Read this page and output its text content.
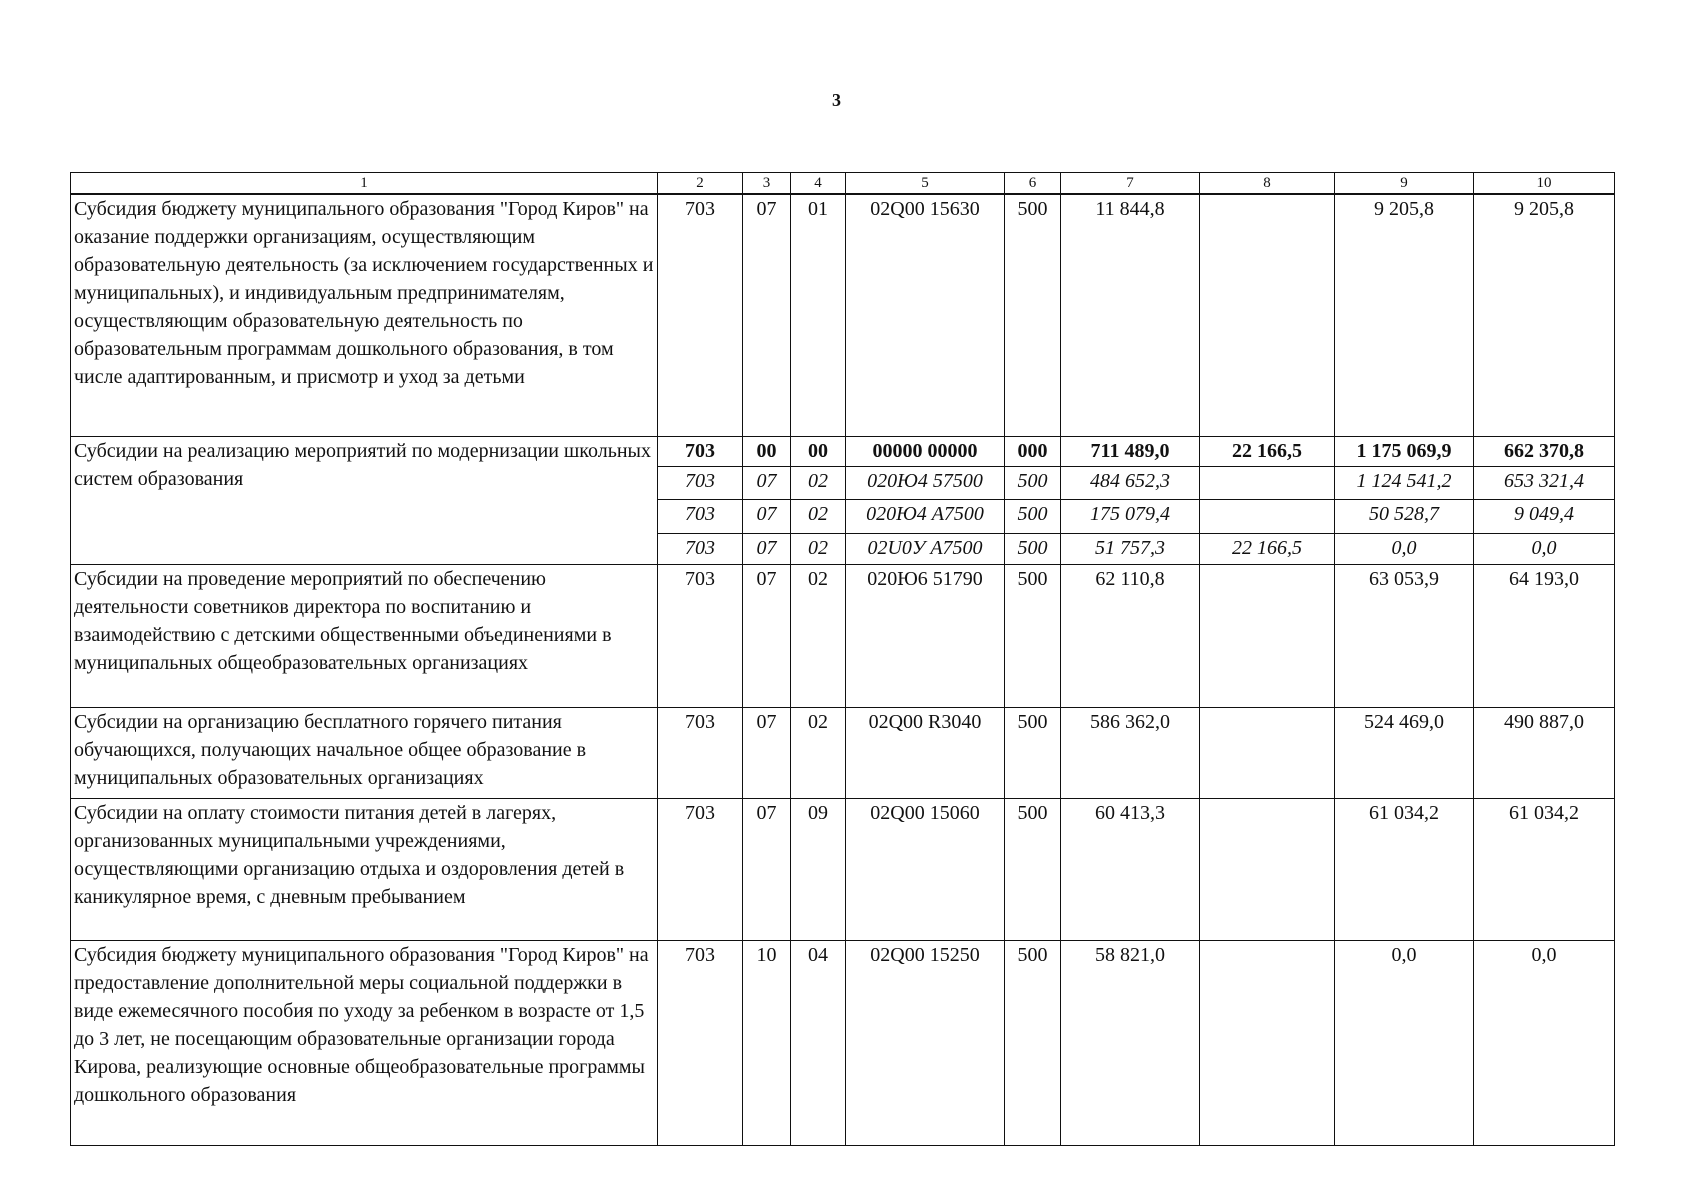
3
1	2	3	4	5	6	7	8	9	10
Субсидия бюджету муниципального образования "Город Киров" на оказание поддержки организациям, осуществляющим образовательную деятельность (за исключением государственных и муниципальных), и индивидуальным предпринимателям, осуществляющим образовательную деятельность по образовательным программам дошкольного образования, в том числе адаптированным, и присмотр и уход за детьми	703	07	01	02Q00 15630	500	11 844,8		9 205,8	9 205,8
Субсидии на реализацию мероприятий по модернизации школьных систем образования	703	00	00	00000 00000	000	711 489,0	22 166,5	1 175 069,9	662 370,8
	703	07	02	020Ю4 57500	500	484 652,3		1 124 541,2	653 321,4
	703	07	02	020Ю4 A7500	500	175 079,4		50 528,7	9 049,4
	703	07	02	02U0У A7500	500	51 757,3	22 166,5	0,0	0,0
Субсидии на проведение мероприятий по обеспечению деятельности советников директора по воспитанию и взаимодействию с детскими общественными объединениями в муниципальных общеобразовательных организациях	703	07	02	020Ю6 51790	500	62 110,8		63 053,9	64 193,0
Субсидии на организацию бесплатного горячего питания обучающихся, получающих начальное общее образование в муниципальных образовательных организациях	703	07	02	02Q00 R3040	500	586 362,0		524 469,0	490 887,0
Субсидии на оплату стоимости питания детей в лагерях, организованных муниципальными учреждениями, осуществляющими организацию отдыха и оздоровления детей в каникулярное время, с дневным пребыванием	703	07	09	02Q00 15060	500	60 413,3		61 034,2	61 034,2
Субсидия бюджету муниципального образования "Город Киров" на предоставление дополнительной меры социальной поддержки в виде ежемесячного пособия по уходу за ребенком в возрасте от 1,5 до 3 лет, не посещающим образовательные организации города Кирова, реализующие основные общеобразовательные программы дошкольного образования	703	10	04	02Q00 15250	500	58 821,0		0,0	0,0
